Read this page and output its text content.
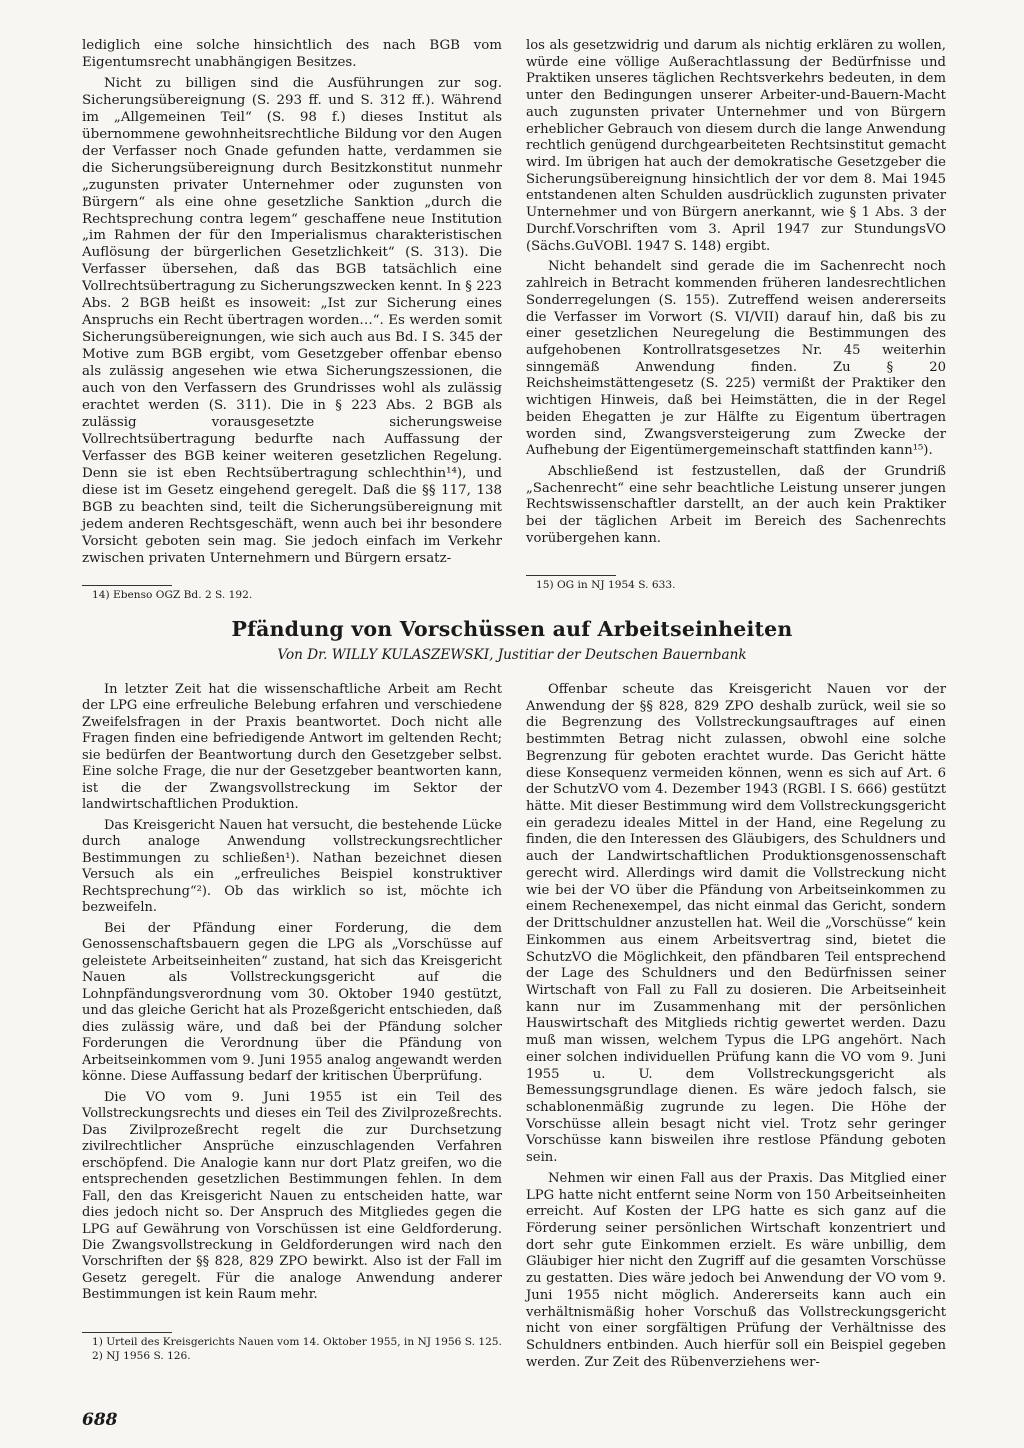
lediglich eine solche hinsichtlich des nach BGB vom Eigentumsrecht unabhängigen Besitzes.

Nicht zu billigen sind die Ausführungen zur sog. Sicherungsübereignung (S. 293 ff. und S. 312 ff.). Während im „Allgemeinen Teil“ (S. 98 f.) dieses Institut als übernommene gewohnheitsrechtliche Bildung vor den Augen der Verfasser noch Gnade gefunden hatte, verdammen sie die Sicherungsübereignung durch Besitzkonstitut nunmehr „zugunsten privater Unternehmer oder zugunsten von Bürgern“ als eine ohne gesetzliche Sanktion „durch die Rechtsprechung contra legem“ geschaffene neue Institution „im Rahmen der für den Imperialismus charakteristischen Auflösung der bürgerlichen Gesetzlichkeit“ (S. 313). Die Verfasser übersehen, daß das BGB tatsächlich eine Vollrechtsübertragung zu Sicherungszwecken kennt. In § 223 Abs. 2 BGB heißt es insoweit: „Ist zur Sicherung eines Anspruchs ein Recht übertragen worden…“. Es werden somit Sicherungsübereignungen, wie sich auch aus Bd. I S. 345 der Motive zum BGB ergibt, vom Gesetzgeber offenbar ebenso als zulässig angesehen wie etwa Sicherungszessionen, die auch von den Verfassern des Grundrisses wohl als zulässig erachtet werden (S. 311). Die in § 223 Abs. 2 BGB als zulässig vorausgesetzte sicherungsweise Vollrechtsübertragung bedurfte nach Auffassung der Verfasser des BGB keiner weiteren gesetzlichen Regelung. Denn sie ist eben Rechtsübertragung schlechthin¹⁴), und diese ist im Gesetz eingehend geregelt. Daß die §§ 117, 138 BGB zu beachten sind, teilt die Sicherungsübereignung mit jedem anderen Rechtsgeschäft, wenn auch bei ihr besondere Vorsicht geboten sein mag. Sie jedoch einfach im Verkehr zwischen privaten Unternehmern und Bürgern ersatz-

14) Ebenso OGZ Bd. 2 S. 192.

los als gesetzwidrig und darum als nichtig erklären zu wollen, würde eine völlige Außerachtlassung der Bedürfnisse und Praktiken unseres täglichen Rechtsverkehrs bedeuten, in dem unter den Bedingungen unserer Arbeiter-und-Bauern-Macht auch zugunsten privater Unternehmer und von Bürgern erheblicher Gebrauch von diesem durch die lange Anwendung rechtlich genügend durchgearbeiteten Rechtsinstitut gemacht wird. Im übrigen hat auch der demokratische Gesetzgeber die Sicherungsübereignung hinsichtlich der vor dem 8. Mai 1945 entstandenen alten Schulden ausdrücklich zugunsten privater Unternehmer und von Bürgern anerkannt, wie § 1 Abs. 3 der Durchf.Vorschriften vom 3. April 1947 zur StundungsVO (Sächs.GuVOBl. 1947 S. 148) ergibt.

Nicht behandelt sind gerade die im Sachenrecht noch zahlreich in Betracht kommenden früheren landesrechtlichen Sonderregelungen (S. 155). Zutreffend weisen andererseits die Verfasser im Vorwort (S. VI/VII) darauf hin, daß bis zu einer gesetzlichen Neuregelung die Bestimmungen des aufgehobenen Kontrollratsgesetzes Nr. 45 weiterhin sinngemäß Anwendung finden. Zu § 20 Reichsheimstättengesetz (S. 225) vermißt der Praktiker den wichtigen Hinweis, daß bei Heimstätten, die in der Regel beiden Ehegatten je zur Hälfte zu Eigentum übertragen worden sind, Zwangsversteigerung zum Zwecke der Aufhebung der Eigentümergemeinschaft stattfinden kann¹⁵).

Abschließend ist festzustellen, daß der Grundriß „Sachenrecht“ eine sehr beachtliche Leistung unserer jungen Rechtswissenschaftler darstellt, an der auch kein Praktiker bei der täglichen Arbeit im Bereich des Sachenrechts vorübergehen kann.

15) OG in NJ 1954 S. 633.

Pfändung von Vorschüssen auf Arbeitseinheiten
Von Dr. WILLY KULASZEWSKI, Justitiar der Deutschen Bauernbank

In letzter Zeit hat die wissenschaftliche Arbeit am Recht der LPG eine erfreuliche Belebung erfahren und verschiedene Zweifelsfragen in der Praxis beantwortet. Doch nicht alle Fragen finden eine befriedigende Antwort im geltenden Recht; sie bedürfen der Beantwortung durch den Gesetzgeber selbst. Eine solche Frage, die nur der Gesetzgeber beantworten kann, ist die der Zwangsvollstreckung im Sektor der landwirtschaftlichen Produktion.

Das Kreisgericht Nauen hat versucht, die bestehende Lücke durch analoge Anwendung vollstreckungsrechtlicher Bestimmungen zu schließen¹). Nathan bezeichnet diesen Versuch als ein „erfreuliches Beispiel konstruktiver Rechtsprechung“²). Ob das wirklich so ist, möchte ich bezweifeln.

Bei der Pfändung einer Forderung, die dem Genossenschaftsbauern gegen die LPG als „Vorschüsse auf geleistete Arbeitseinheiten“ zustand, hat sich das Kreisgericht Nauen als Vollstreckungsgericht auf die Lohnpfändungsverordnung vom 30. Oktober 1940 gestützt, und das gleiche Gericht hat als Prozeßgericht entschieden, daß dies zulässig wäre, und daß bei der Pfändung solcher Forderungen die Verordnung über die Pfändung von Arbeitseinkommen vom 9. Juni 1955 analog angewandt werden könne. Diese Auffassung bedarf der kritischen Überprüfung.

Die VO vom 9. Juni 1955 ist ein Teil des Vollstreckungsrechts und dieses ein Teil des Zivilprozeßrechts. Das Zivilprozeßrecht regelt die zur Durchsetzung zivilrechtlicher Ansprüche einzuschlagenden Verfahren erschöpfend. Die Analogie kann nur dort Platz greifen, wo die entsprechenden gesetzlichen Bestimmungen fehlen. In dem Fall, den das Kreisgericht Nauen zu entscheiden hatte, war dies jedoch nicht so. Der Anspruch des Mitgliedes gegen die LPG auf Gewährung von Vorschüssen ist eine Geldforderung. Die Zwangsvollstreckung in Geldforderungen wird nach den Vorschriften der §§ 828, 829 ZPO bewirkt. Also ist der Fall im Gesetz geregelt. Für die analoge Anwendung anderer Bestimmungen ist kein Raum mehr.

1) Urteil des Kreisgerichts Nauen vom 14. Oktober 1955, in NJ 1956 S. 125.

2) NJ 1956 S. 126.

Offenbar scheute das Kreisgericht Nauen vor der Anwendung der §§ 828, 829 ZPO deshalb zurück, weil sie so die Begrenzung des Vollstreckungsauftrages auf einen bestimmten Betrag nicht zulassen, obwohl eine solche Begrenzung für geboten erachtet wurde. Das Gericht hätte diese Konsequenz vermeiden können, wenn es sich auf Art. 6 der SchutzVO vom 4. Dezember 1943 (RGBl. I S. 666) gestützt hätte. Mit dieser Bestimmung wird dem Vollstreckungsgericht ein geradezu ideales Mittel in der Hand, eine Regelung zu finden, die den Interessen des Gläubigers, des Schuldners und auch der Landwirtschaftlichen Produktionsgenossenschaft gerecht wird. Allerdings wird damit die Vollstreckung nicht wie bei der VO über die Pfändung von Arbeitseinkommen zu einem Rechenexempel, das nicht einmal das Gericht, sondern der Drittschuldner anzustellen hat. Weil die „Vorschüsse“ kein Einkommen aus einem Arbeitsvertrag sind, bietet die SchutzVO die Möglichkeit, den pfändbaren Teil entsprechend der Lage des Schuldners und den Bedürfnissen seiner Wirtschaft von Fall zu Fall zu dosieren. Die Arbeitseinheit kann nur im Zusammenhang mit der persönlichen Hauswirtschaft des Mitglieds richtig gewertet werden. Dazu muß man wissen, welchem Typus die LPG angehört. Nach einer solchen individuellen Prüfung kann die VO vom 9. Juni 1955 u. U. dem Vollstreckungsgericht als Bemessungsgrundlage dienen. Es wäre jedoch falsch, sie schablonenmäßig zugrunde zu legen. Die Höhe der Vorschüsse allein besagt nicht viel. Trotz sehr geringer Vorschüsse kann bisweilen ihre restlose Pfändung geboten sein.

Nehmen wir einen Fall aus der Praxis. Das Mitglied einer LPG hatte nicht entfernt seine Norm von 150 Arbeitseinheiten erreicht. Auf Kosten der LPG hatte es sich ganz auf die Förderung seiner persönlichen Wirtschaft konzentriert und dort sehr gute Einkommen erzielt. Es wäre unbillig, dem Gläubiger hier nicht den Zugriff auf die gesamten Vorschüsse zu gestatten. Dies wäre jedoch bei Anwendung der VO vom 9. Juni 1955 nicht möglich. Andererseits kann auch ein verhältnismäßig hoher Vorschuß das Vollstreckungsgericht nicht von einer sorgfältigen Prüfung der Verhältnisse des Schuldners entbinden. Auch hierfür soll ein Beispiel gegeben werden. Zur Zeit des Rübenverziehens wer-

688
